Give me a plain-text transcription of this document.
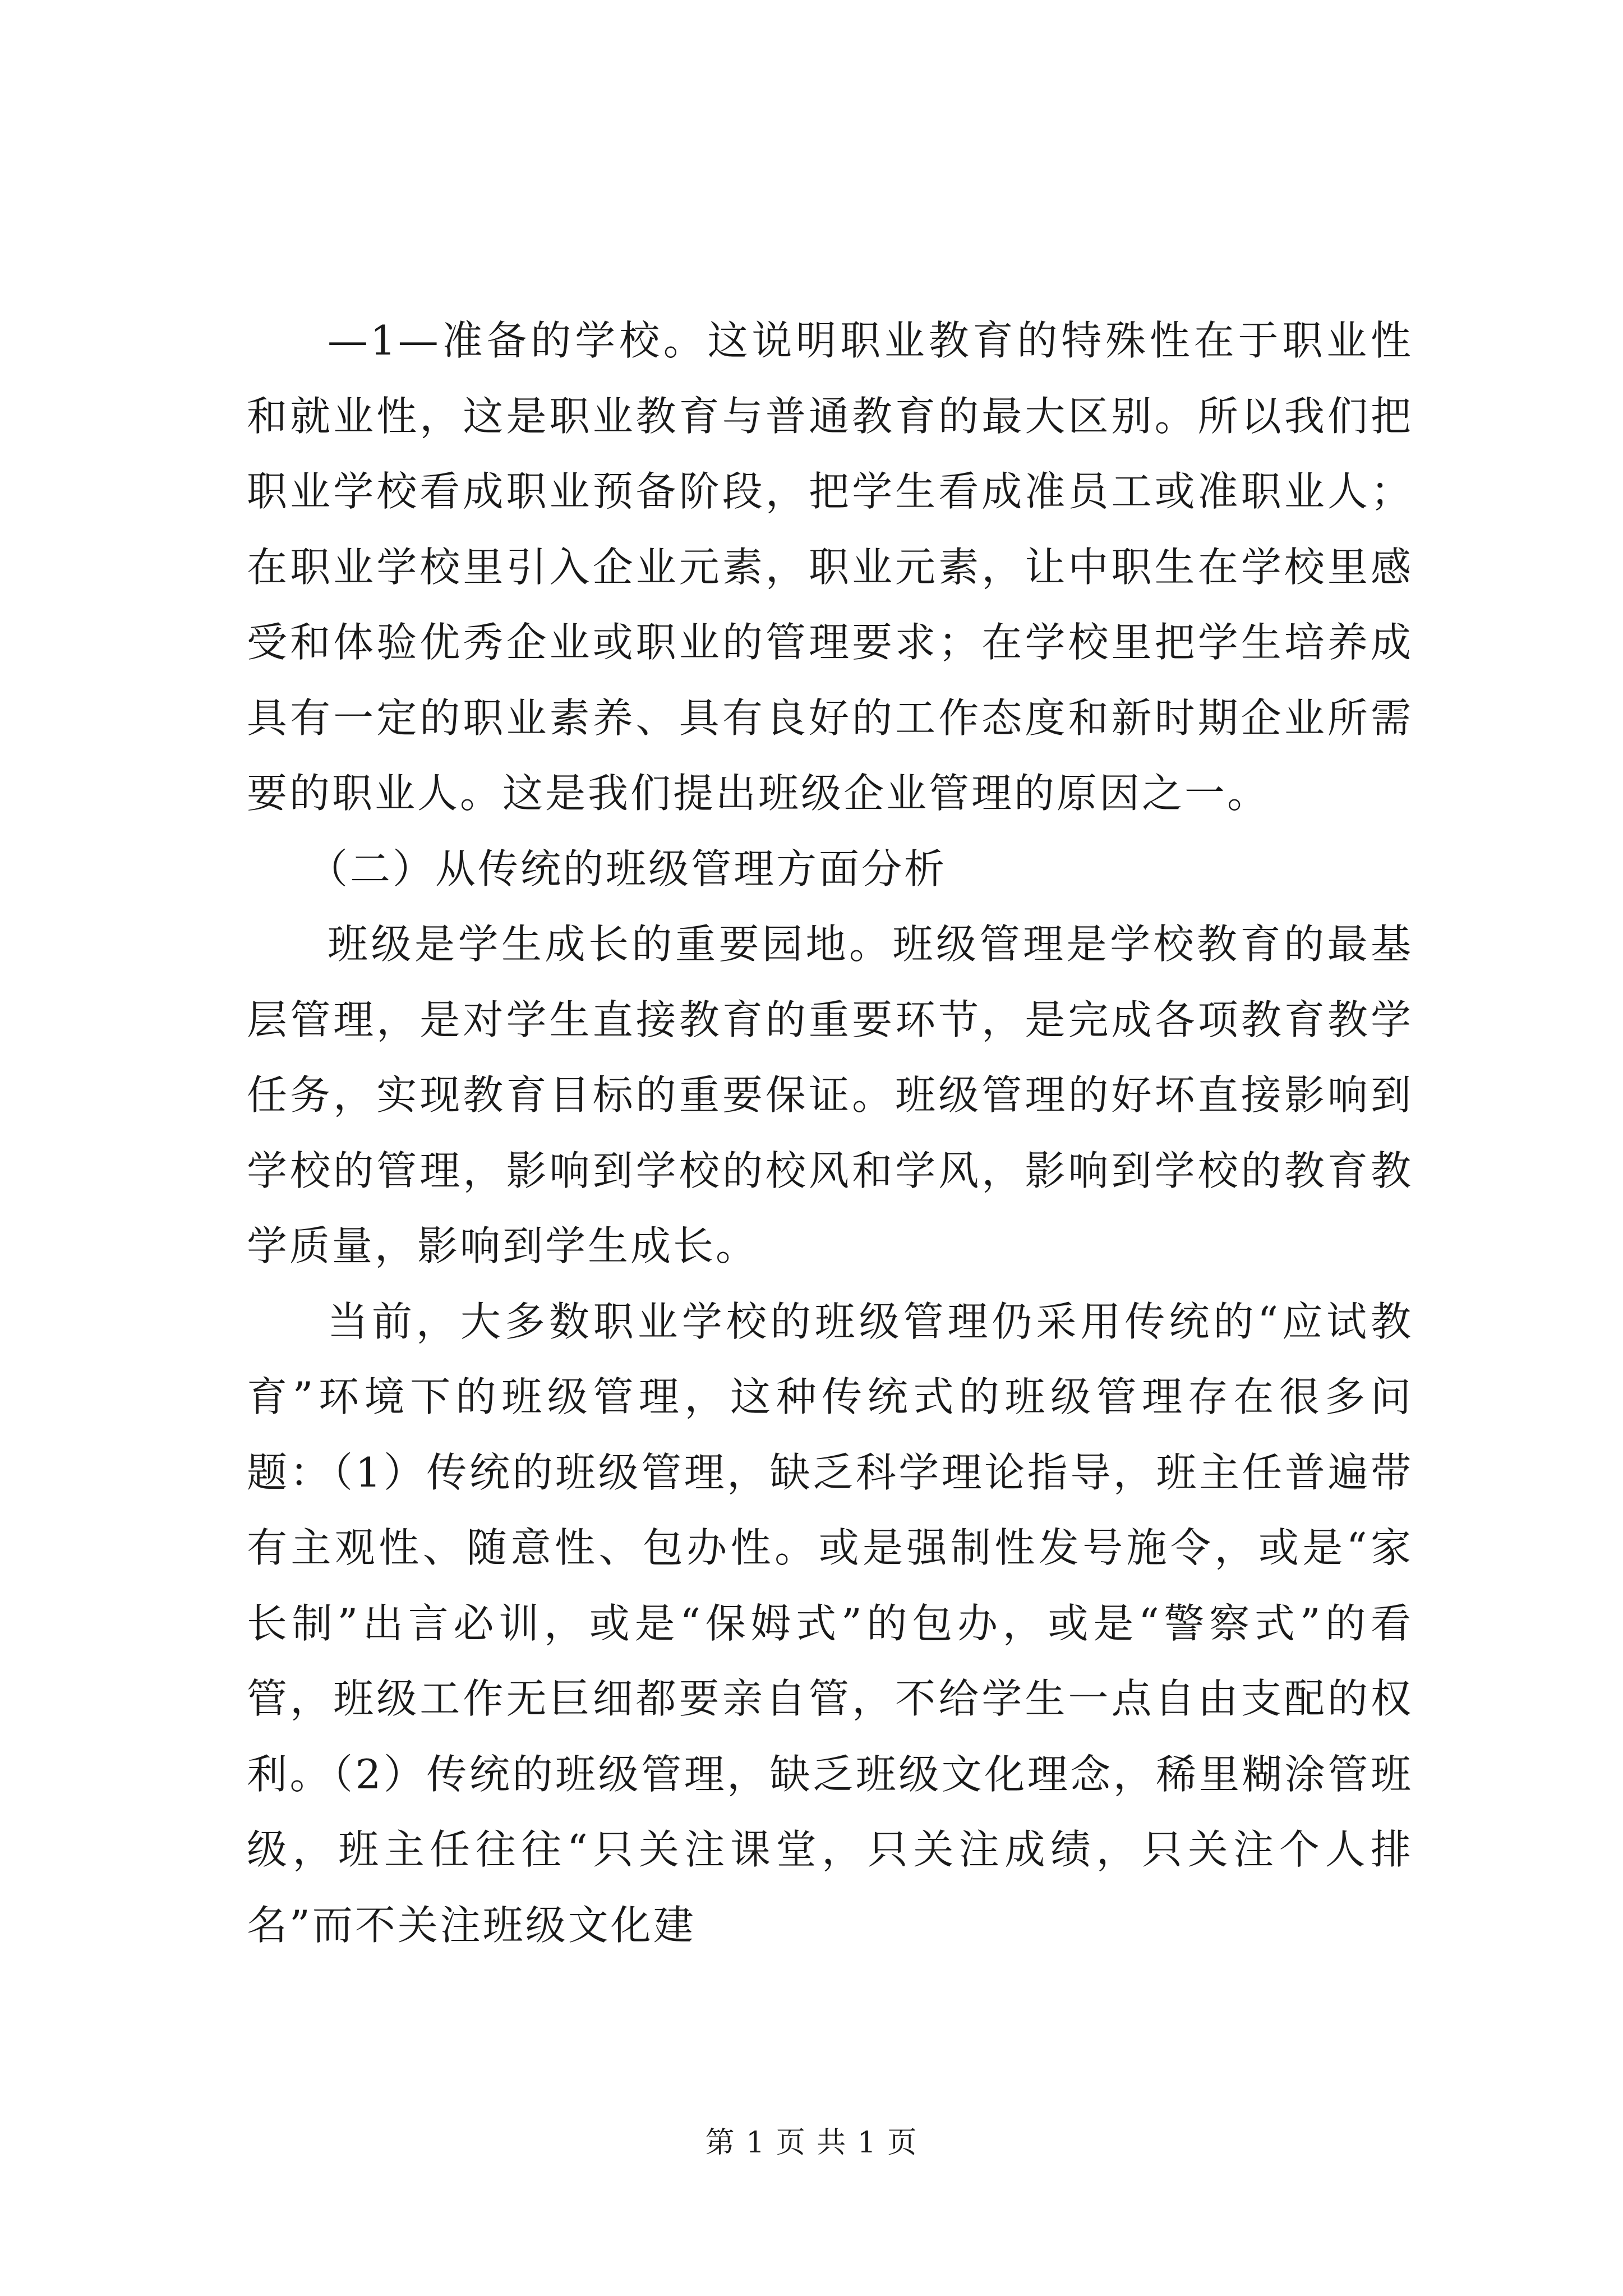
—1—准备的学校。这说明职业教育的特殊性在于职业性和就业性，这是职业教育与普通教育的最大区别。所以我们把职业学校看成职业预备阶段，把学生看成准员工或准职业人；在职业学校里引入企业元素，职业元素，让中职生在学校里感受和体验优秀企业或职业的管理要求；在学校里把学生培养成具有一定的职业素养、具有良好的工作态度和新时期企业所需要的职业人。这是我们提出班级企业管理的原因之一。

（二）从传统的班级管理方面分析

班级是学生成长的重要园地。班级管理是学校教育的最基层管理，是对学生直接教育的重要环节，是完成各项教育教学任务，实现教育目标的重要保证。班级管理的好坏直接影响到学校的管理，影响到学校的校风和学风，影响到学校的教育教学质量，影响到学生成长。

当前，大多数职业学校的班级管理仍采用传统的“应试教育”环境下的班级管理，这种传统式的班级管理存在很多问题：（1）传统的班级管理，缺乏科学理论指导，班主任普遍带有主观性、随意性、包办性。或是强制性发号施令，或是“家长制”出言必训，或是“保姆式”的包办，或是“警察式”的看管，班级工作无巨细都要亲自管，不给学生一点自由支配的权利。（2）传统的班级管理，缺乏班级文化理念，稀里糊涂管班级，班主任往往“只关注课堂，只关注成绩，只关注个人排名”而不关注班级文化建

第 1 页 共 1 页
